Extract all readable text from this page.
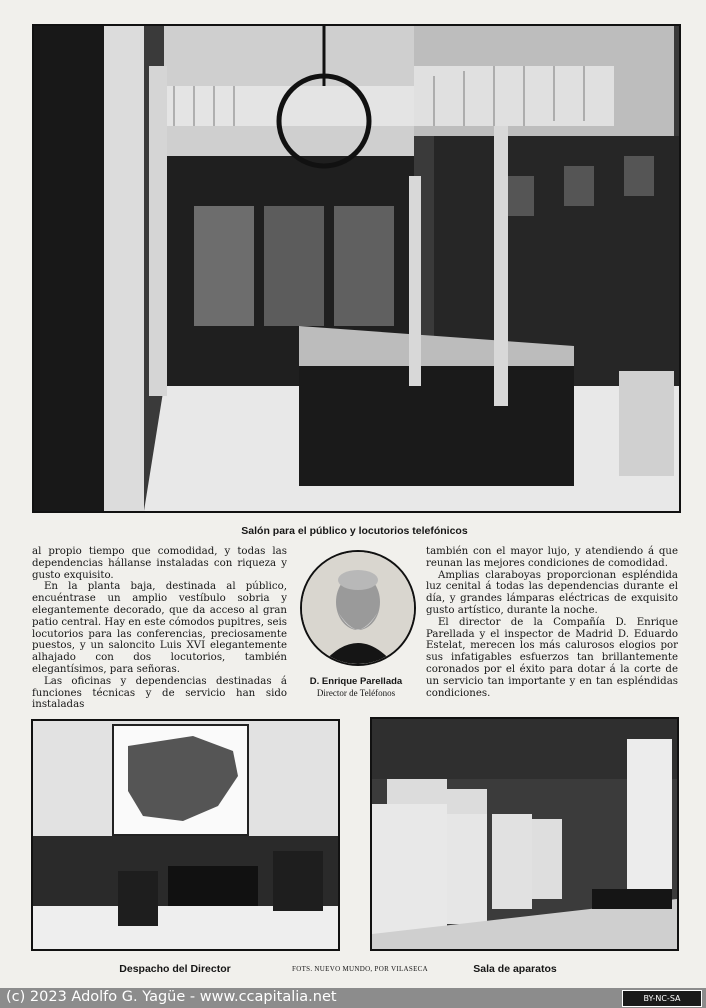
Salón para el público y locutorios telefónicos

al propio tiempo que comodidad, y todas las dependencias hállanse instaladas con riqueza y gusto exquisito.

En la planta baja, destinada al público, encuéntrase un amplio vestíbulo sobria y elegantemente decorado, que da acceso al gran patio central. Hay en este cómodos pupitres, seis locutorios para las conferencias, preciosamente puestos, y un saloncito Luis XVI elegantemente alhajado con dos locutorios, también elegantísimos, para señoras.

Las oficinas y dependencias destinadas á funciones técnicas y de servicio han sido instaladas

D. Enrique Parellada
Director de Teléfonos

también con el mayor lujo, y atendiendo á que reunan las mejores condiciones de comodidad.

Amplias claraboyas proporcionan espléndida luz cenital á todas las dependencias durante el día, y grandes lámparas eléctricas de exquisito gusto artístico, durante la noche.

El director de la Compañía D. Enrique Parellada y el inspector de Madrid D. Eduardo Estelat, merecen los más calurosos elogios por sus infatigables esfuerzos tan brillantemente coronados por el éxito para dotar á la corte de un servicio tan importante y en tan espléndidas condiciones.

Despacho del Director	FOTS. NUEVO MUNDO, POR VILASECA	Sala de aparatos
(c) 2023 Adolfo G. Yagüe - www.ccapitalia.net	BY-NC-SA
